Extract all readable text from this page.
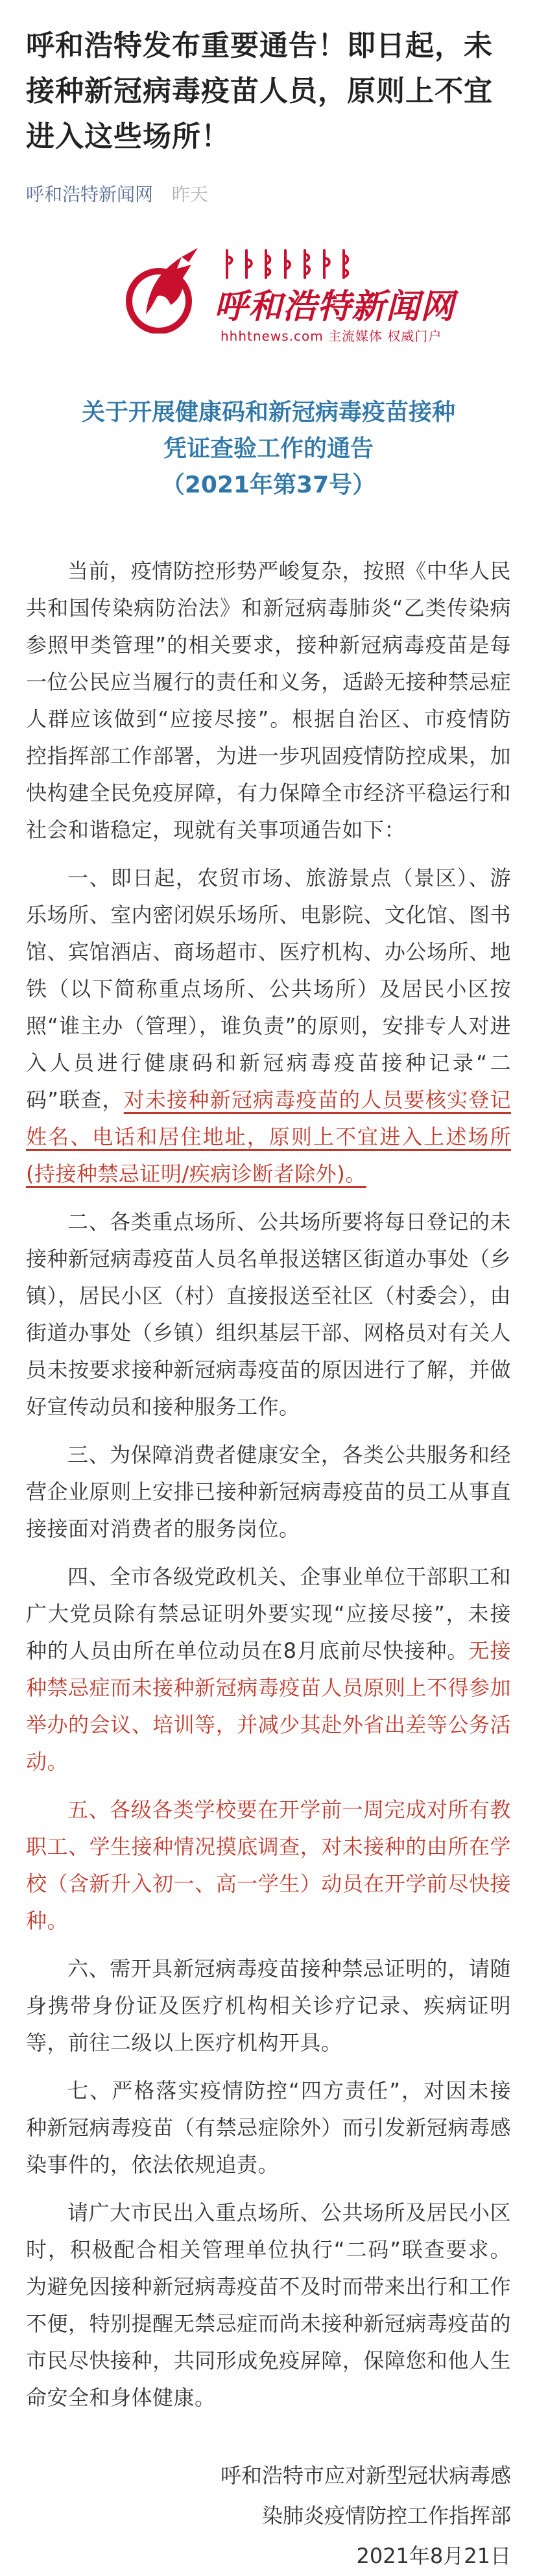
呼和浩特发布重要通告！即日起，未接种新冠病毒疫苗人员，原则上不宜进入这些场所！
呼和浩特新闻网 昨天
呼和浩特新闻网
hhhtnews.com 主流媒体 权威门户
关于开展健康码和新冠病毒疫苗接种
凭证查验工作的通告
（2021年第37号）

当前，疫情防控形势严峻复杂，按照《中华人民共和国传染病防治法》和新冠病毒肺炎“乙类传染病参照甲类管理”的相关要求，接种新冠病毒疫苗是每一位公民应当履行的责任和义务，适龄无接种禁忌症人群应该做到“应接尽接”。根据自治区、市疫情防控指挥部工作部署，为进一步巩固疫情防控成果，加快构建全民免疫屏障，有力保障全市经济平稳运行和社会和谐稳定，现就有关事项通告如下：

一、即日起，农贸市场、旅游景点（景区）、游乐场所、室内密闭娱乐场所、电影院、文化馆、图书馆、宾馆酒店、商场超市、医疗机构、办公场所、地铁（以下简称重点场所、公共场所）及居民小区按照“谁主办（管理），谁负责”的原则，安排专人对进入人员进行健康码和新冠病毒疫苗接种记录“二码”联查，对未接种新冠病毒疫苗的人员要核实登记姓名、电话和居住地址，原则上不宜进入上述场所(持接种禁忌证明/疾病诊断者除外)。

二、各类重点场所、公共场所要将每日登记的未接种新冠病毒疫苗人员名单报送辖区街道办事处（乡镇），居民小区（村）直接报送至社区（村委会），由街道办事处（乡镇）组织基层干部、网格员对有关人员未按要求接种新冠病毒疫苗的原因进行了解，并做好宣传动员和接种服务工作。

三、为保障消费者健康安全，各类公共服务和经营企业原则上安排已接种新冠病毒疫苗的员工从事直接接面对消费者的服务岗位。

四、全市各级党政机关、企事业单位干部职工和广大党员除有禁忌证明外要实现“应接尽接”，未接种的人员由所在单位动员在8月底前尽快接种。无接种禁忌症而未接种新冠病毒疫苗人员原则上不得参加举办的会议、培训等，并减少其赴外省出差等公务活动。

五、各级各类学校要在开学前一周完成对所有教职工、学生接种情况摸底调查，对未接种的由所在学校（含新升入初一、高一学生）动员在开学前尽快接种。

六、需开具新冠病毒疫苗接种禁忌证明的，请随身携带身份证及医疗机构相关诊疗记录、疾病证明等，前往二级以上医疗机构开具。

七、严格落实疫情防控“四方责任”，对因未接种新冠病毒疫苗（有禁忌症除外）而引发新冠病毒感染事件的，依法依规追责。

请广大市民出入重点场所、公共场所及居民小区时，积极配合相关管理单位执行“二码”联查要求。为避免因接种新冠病毒疫苗不及时而带来出行和工作不便，特别提醒无禁忌症而尚未接种新冠病毒疫苗的市民尽快接种，共同形成免疫屏障，保障您和他人生命安全和身体健康。

呼和浩特市应对新型冠状病毒感
染肺炎疫情防控工作指挥部
2021年8月21日
